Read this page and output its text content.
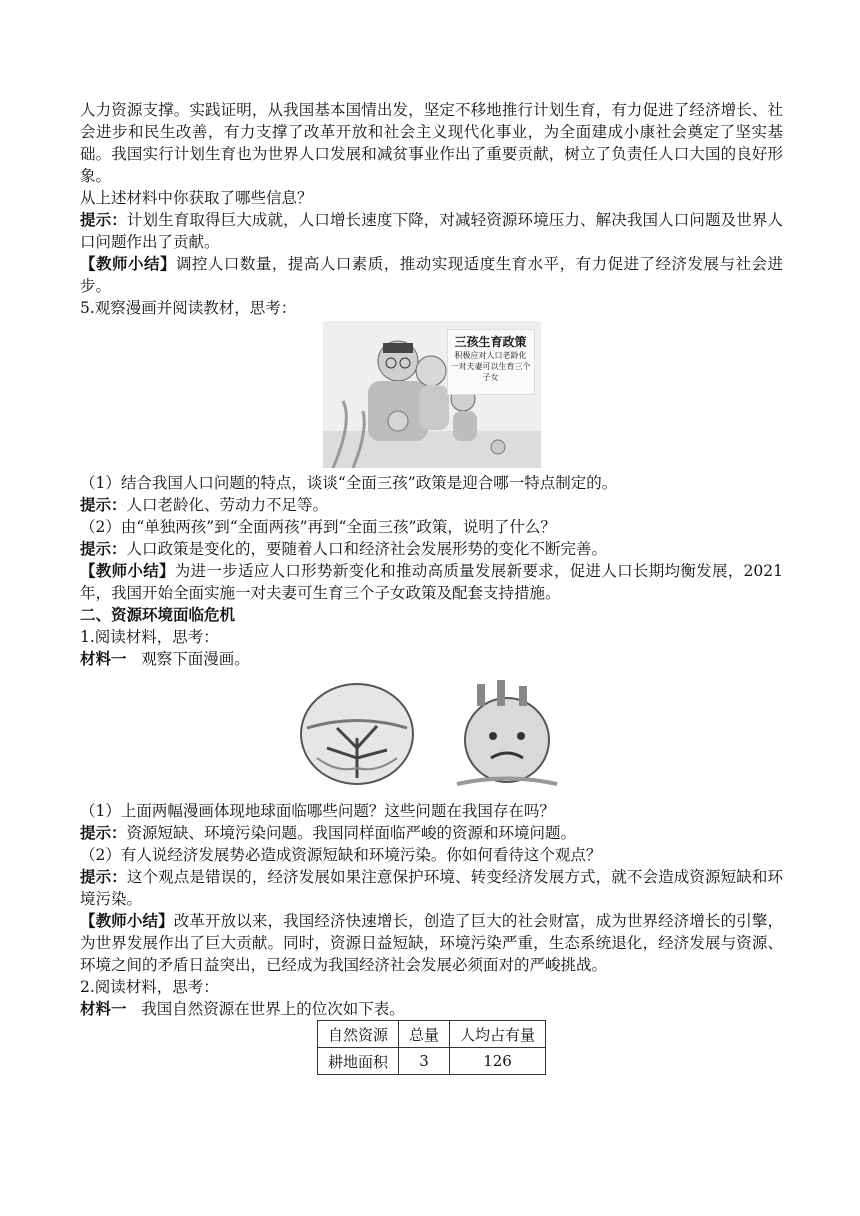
人力资源支撑。实践证明，从我国基本国情出发，坚定不移地推行计划生育，有力促进了经济增长、社会进步和民生改善，有力支撑了改革开放和社会主义现代化事业，为全面建成小康社会奠定了坚实基础。我国实行计划生育也为世界人口发展和减贫事业作出了重要贡献，树立了负责任人口大国的良好形象。

从上述材料中你获取了哪些信息？

提示：计划生育取得巨大成就，人口增长速度下降，对减轻资源环境压力、解决我国人口问题及世界人口问题作出了贡献。

【教师小结】调控人口数量，提高人口素质，推动实现适度生育水平，有力促进了经济发展与社会进步。

5.观察漫画并阅读教材，思考：

三孩生育政策
积极应对人口老龄化
一对夫妻可以生育三个子女

（1）结合我国人口问题的特点，谈谈“全面三孩”政策是迎合哪一特点制定的。

提示：人口老龄化、劳动力不足等。

（2）由“单独两孩”到“全面两孩”再到“全面三孩”政策，说明了什么？

提示：人口政策是变化的，要随着人口和经济社会发展形势的变化不断完善。

【教师小结】为进一步适应人口形势新变化和推动高质量发展新要求，促进人口长期均衡发展，2021年，我国开始全面实施一对夫妻可生育三个子女政策及配套支持措施。

二、资源环境面临危机

1.阅读材料，思考：

材料一 观察下面漫画。

（1）上面两幅漫画体现地球面临哪些问题？这些问题在我国存在吗？

提示：资源短缺、环境污染问题。我国同样面临严峻的资源和环境问题。

（2）有人说经济发展势必造成资源短缺和环境污染。你如何看待这个观点？

提示：这个观点是错误的，经济发展如果注意保护环境、转变经济发展方式，就不会造成资源短缺和环境污染。

【教师小结】改革开放以来，我国经济快速增长，创造了巨大的社会财富，成为世界经济增长的引擎，为世界发展作出了巨大贡献。同时，资源日益短缺，环境污染严重，生态系统退化，经济发展与资源、环境之间的矛盾日益突出，已经成为我国经济社会发展必须面对的严峻挑战。

2.阅读材料，思考：

材料一 我国自然资源在世界上的位次如下表。

自然资源	总量	人均占有量
耕地面积	3	126
